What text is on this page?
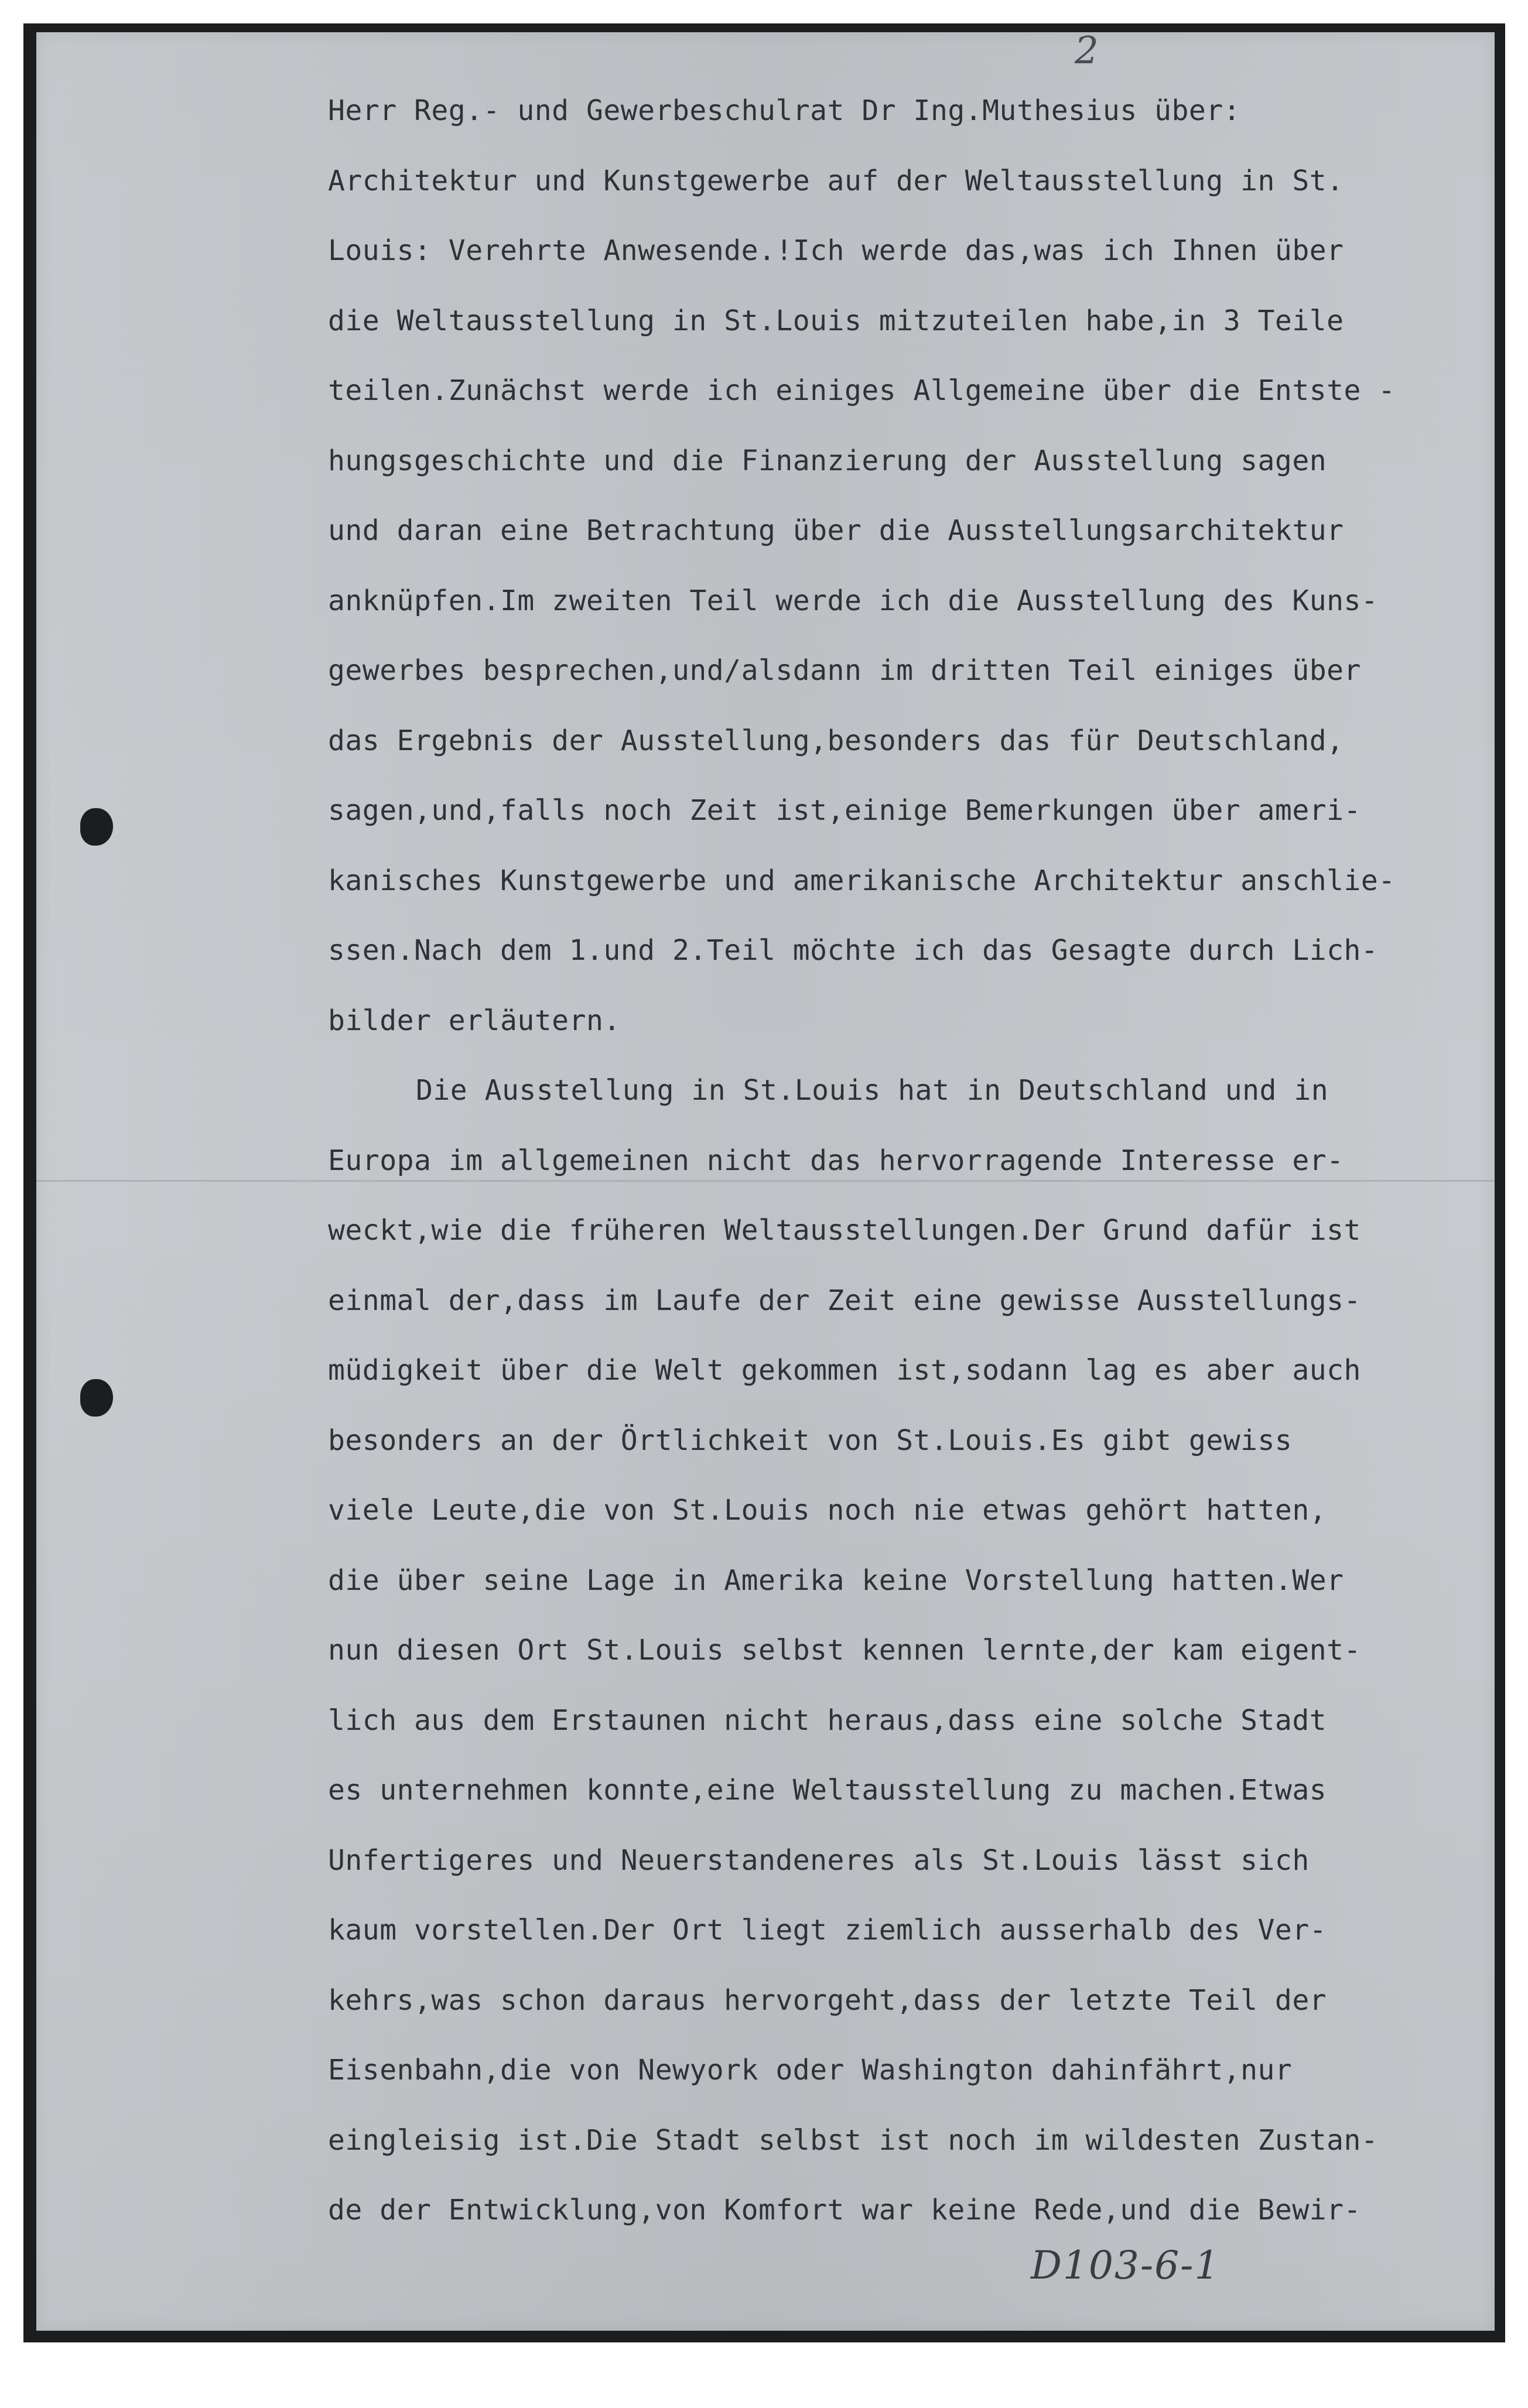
2
Herr Reg.- und Gewerbeschulrat Dr Ing.Muthesius über:
Architektur und Kunstgewerbe auf der Weltausstellung in St.
Louis: Verehrte Anwesende.!Ich werde das,was ich Ihnen über
die Weltausstellung in St.Louis mitzuteilen habe,in 3 Teile
teilen.Zunächst werde ich einiges Allgemeine über die Entste -
hungsgeschichte und die Finanzierung der Ausstellung sagen
und daran eine Betrachtung über die Ausstellungsarchitektur
anknüpfen.Im zweiten Teil werde ich die Ausstellung des Kuns-
gewerbes besprechen,und/alsdann im dritten Teil einiges über
das Ergebnis der Ausstellung,besonders das für Deutschland,
sagen,und,falls noch Zeit ist,einige Bemerkungen über ameri-
kanisches Kunstgewerbe und amerikanische Architektur anschlie-
ssen.Nach dem 1.und 2.Teil möchte ich das Gesagte durch Lich-
bilder erläutern.
Die Ausstellung in St.Louis hat in Deutschland und in
Europa im allgemeinen nicht das hervorragende Interesse er-
weckt,wie die früheren Weltausstellungen.Der Grund dafür ist
einmal der,dass im Laufe der Zeit eine gewisse Ausstellungs-
müdigkeit über die Welt gekommen ist,sodann lag es aber auch
besonders an der Örtlichkeit von St.Louis.Es gibt gewiss
viele Leute,die von St.Louis noch nie etwas gehört hatten,
die über seine Lage in Amerika keine Vorstellung hatten.Wer
nun diesen Ort St.Louis selbst kennen lernte,der kam eigent-
lich aus dem Erstaunen nicht heraus,dass eine solche Stadt
es unternehmen konnte,eine Weltausstellung zu machen.Etwas
Unfertigeres und Neuerstandeneres als St.Louis lässt sich
kaum vorstellen.Der Ort liegt ziemlich ausserhalb des Ver-
kehrs,was schon daraus hervorgeht,dass der letzte Teil der
Eisenbahn,die von Newyork oder Washington dahinfährt,nur
eingleisig ist.Die Stadt selbst ist noch im wildesten Zustan-
de der Entwicklung,von Komfort war keine Rede,und die Bewir-
D103-6-1
